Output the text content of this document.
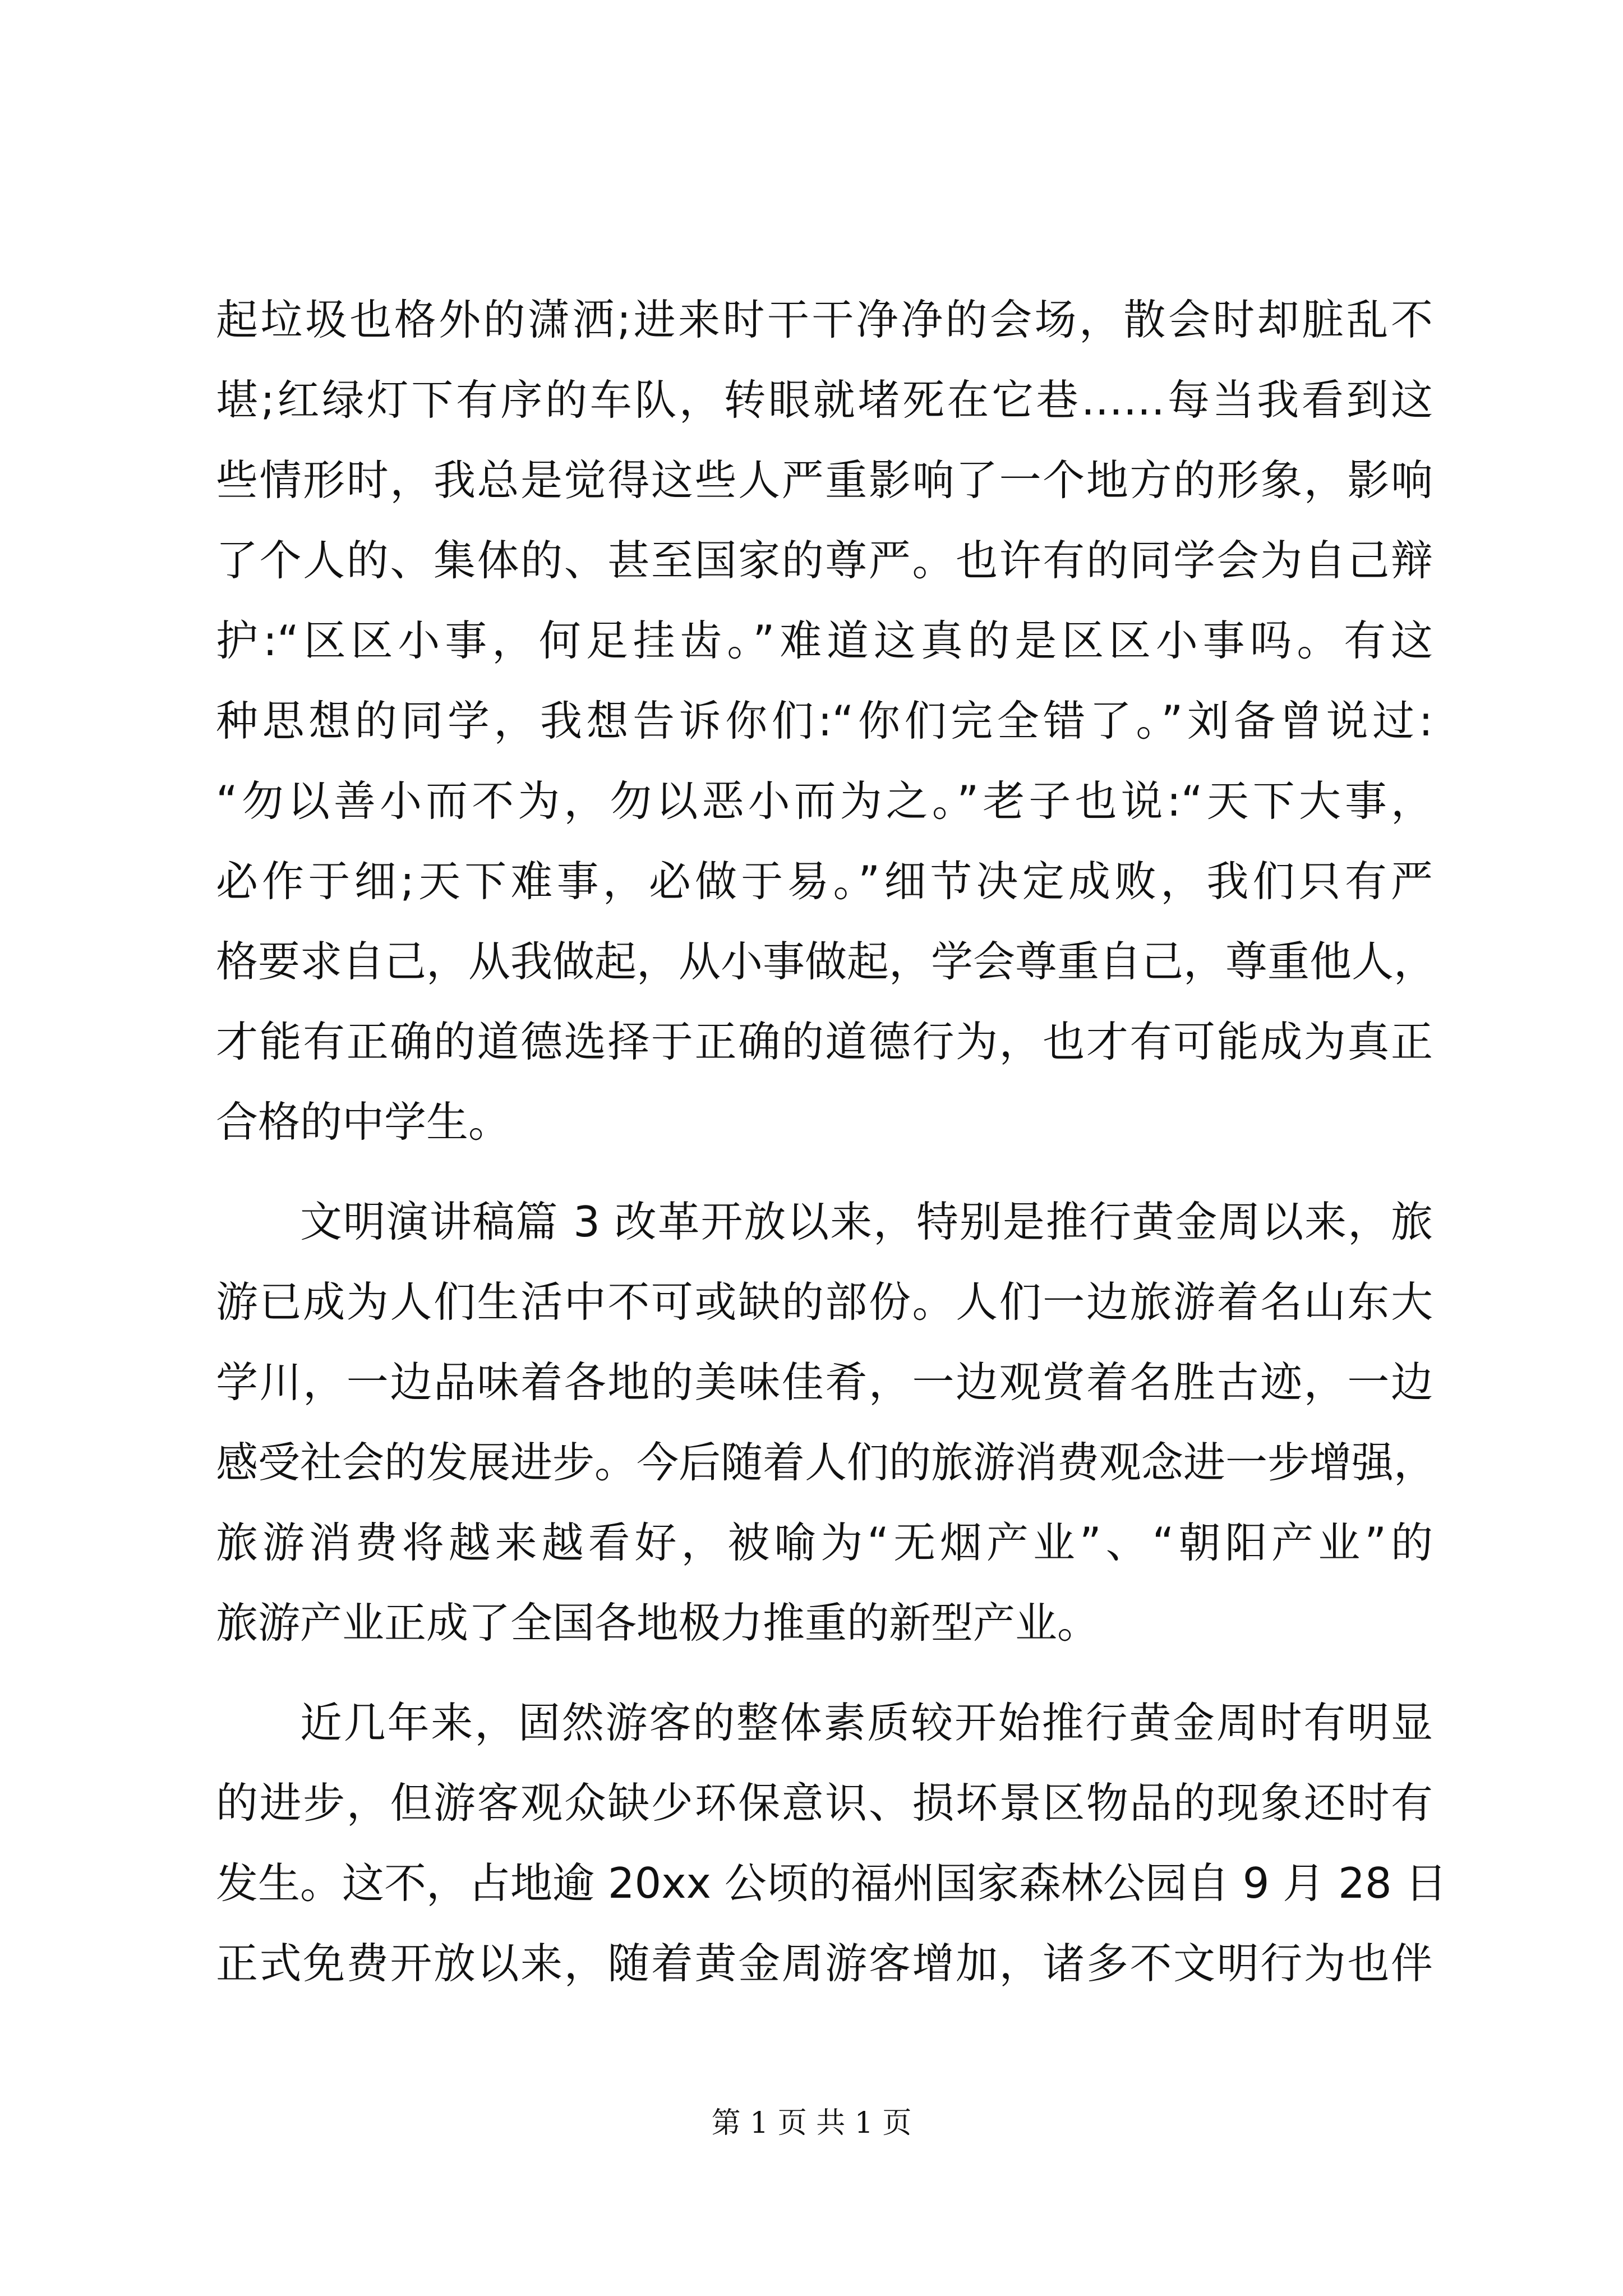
起垃圾也格外的潇洒;进来时干干净净的会场，散会时却脏乱不
堪;红绿灯下有序的车队，转眼就堵死在它巷……每当我看到这
些情形时，我总是觉得这些人严重影响了一个地方的形象，影响
了个人的、集体的、甚至国家的尊严。也许有的同学会为自己辩
护:“区区小事，何足挂齿。”难道这真的是区区小事吗。有这
种思想的同学，我想告诉你们:“你们完全错了。”刘备曾说过:
“勿以善小而不为，勿以恶小而为之。”老子也说:“天下大事，
必作于细;天下难事，必做于易。”细节决定成败，我们只有严
格要求自己，从我做起，从小事做起，学会尊重自己，尊重他人，
才能有正确的道德选择于正确的道德行为，也才有可能成为真正
合格的中学生。
文明演讲稿篇 3 改革开放以来，特别是推行黄金周以来，旅
游已成为人们生活中不可或缺的部份。人们一边旅游着名山东大
学川，一边品味着各地的美味佳肴，一边观赏着名胜古迹，一边
感受社会的发展进步。今后随着人们的旅游消费观念进一步增强，
旅游消费将越来越看好，被喻为“无烟产业”、“朝阳产业”的
旅游产业正成了全国各地极力推重的新型产业。
近几年来，固然游客的整体素质较开始推行黄金周时有明显
的进步，但游客观众缺少环保意识、损坏景区物品的现象还时有
发生。这不，占地逾 20xx 公顷的福州国家森林公园自 9 月 28 日
正式免费开放以来，随着黄金周游客增加，诸多不文明行为也伴
第 1 页 共 1 页
